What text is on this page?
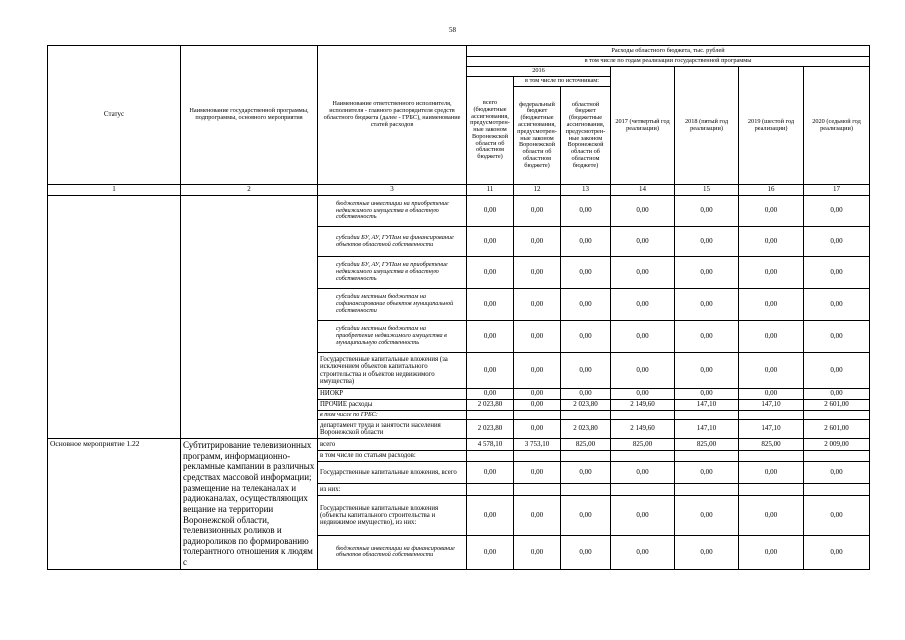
58
Статус	Наименование государственной программы, подпрограммы, основного мероприятия	Наименование ответственного исполнителя, исполнителя - главного распорядителя средств областного бюджета (далее - ГРБС), наименование статей расходов	Расходы областного бюджета, тыс. рублей						
			в том числе по годам реализации государственной программы						
			2016			2017 (четвертый год реализации)	2018 (пятый год реализации)	2019 (шестой год реализации)	2020 (седьмой год реализации)
			всего (бюджетные ассигнования, предусмотрен- ные законом Воронежской области об областном бюджете)	в том числе по источникам:					
				федеральный бюджет (бюджетные ассигнования, предусмотрен- ные законом Воронежской области об областном бюджете)	областной бюджет (бюджетные ассигнования, предусмотрен- ные законом Воронежской области об областном бюджете)				
1	2	3	11	12	13	14	15	16	17
		бюджетные инвестиции на приобретение недвижимого имущества в областную собственность	0,00	0,00	0,00	0,00	0,00	0,00	0,00
		субсидии БУ, АУ, ГУПам на финансирование объектов областной собственности	0,00	0,00	0,00	0,00	0,00	0,00	0,00
		субсидии БУ, АУ, ГУПам на приобретение недвижимого имущества в областную собственность	0,00	0,00	0,00	0,00	0,00	0,00	0,00
		субсидии местным бюджетам на софинансирование объектов муниципальной собственности	0,00	0,00	0,00	0,00	0,00	0,00	0,00
		субсидии местным бюджетам на приобретение недвижимого имущества в муниципальную собственность	0,00	0,00	0,00	0,00	0,00	0,00	0,00
		Государственные капитальные вложения (за исключением объектов капитального строительства и объектов недвижимого имущества)	0,00	0,00	0,00	0,00	0,00	0,00	0,00
		НИОКР	0,00	0,00	0,00	0,00	0,00	0,00	0,00
		ПРОЧИЕ расходы	2 023,80	0,00	2 023,80	2 149,60	147,10	147,10	2 601,00
		в том числе по ГРБС:							
		департамент труда и занятости населения Воронежской области	2 023,80	0,00	2 023,80	2 149,60	147,10	147,10	2 601,00
Основное мероприятие 1.22	Субтитрирование телевизионных программ, информационно-рекламные кампании в различных средствах массовой информации; размещение на телеканалах и радиоканалах, осуществляющих вещание на территории Воронежской области, телевизионных роликов и радиороликов по формированию толерантного отношения к людям с	всего	4 578,10	3 753,10	825,00	825,00	825,00	825,00	2 009,00
		в том числе по статьям расходов:							
		Государственные капитальные вложения, всего	0,00	0,00	0,00	0,00	0,00	0,00	0,00
		из них:							
		Государственные капитальные вложения (объекты капитального строительства и недвижимое имущество), из них:	0,00	0,00	0,00	0,00	0,00	0,00	0,00
		бюджетные инвестиции на финансирование объектов областной собственности	0,00	0,00	0,00	0,00	0,00	0,00	0,00
